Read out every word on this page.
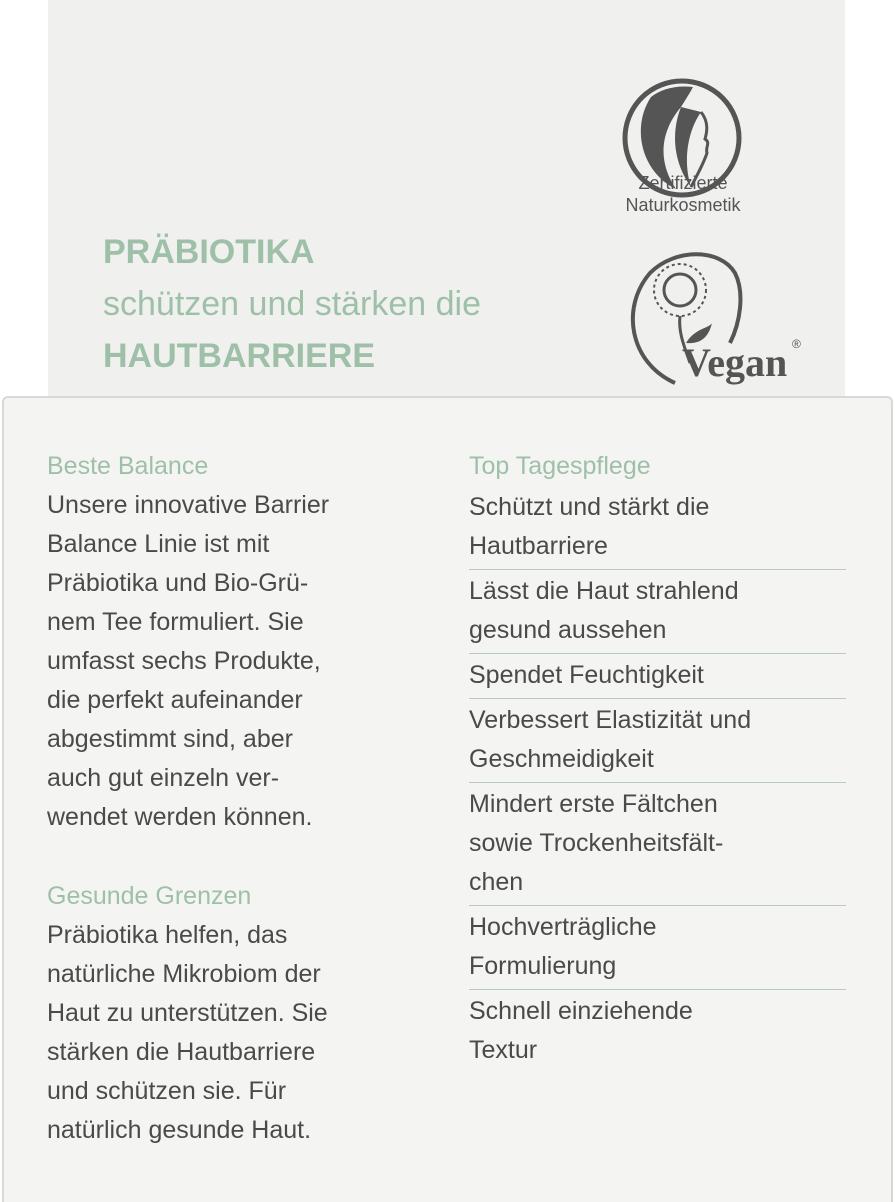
PRÄBIOTIKA
schützen und stärken die
HAUTBARRIERE
Zertifizierte
Naturkosmetik
Vegan ®
Beste Balance
Unsere innovative Barrier
Balance Linie ist mit
Präbiotika und Bio-Grü-
nem Tee formuliert. Sie
umfasst sechs Produkte,
die perfekt aufeinander
abgestimmt sind, aber
auch gut einzeln ver-
wendet werden können.
Gesunde Grenzen
Präbiotika helfen, das
natürliche Mikrobiom der
Haut zu unterstützen. Sie
stärken die Hautbarriere
und schützen sie. Für
natürlich gesunde Haut.
Top Tagespflege
Schützt und stärkt die
Hautbarriere
Lässt die Haut strahlend
gesund aussehen
Spendet Feuchtigkeit
Verbessert Elastizität und
Geschmeidigkeit
Mindert erste Fältchen
sowie Trockenheitsfält-
chen
Hochverträgliche
Formulierung
Schnell einziehende
Textur
